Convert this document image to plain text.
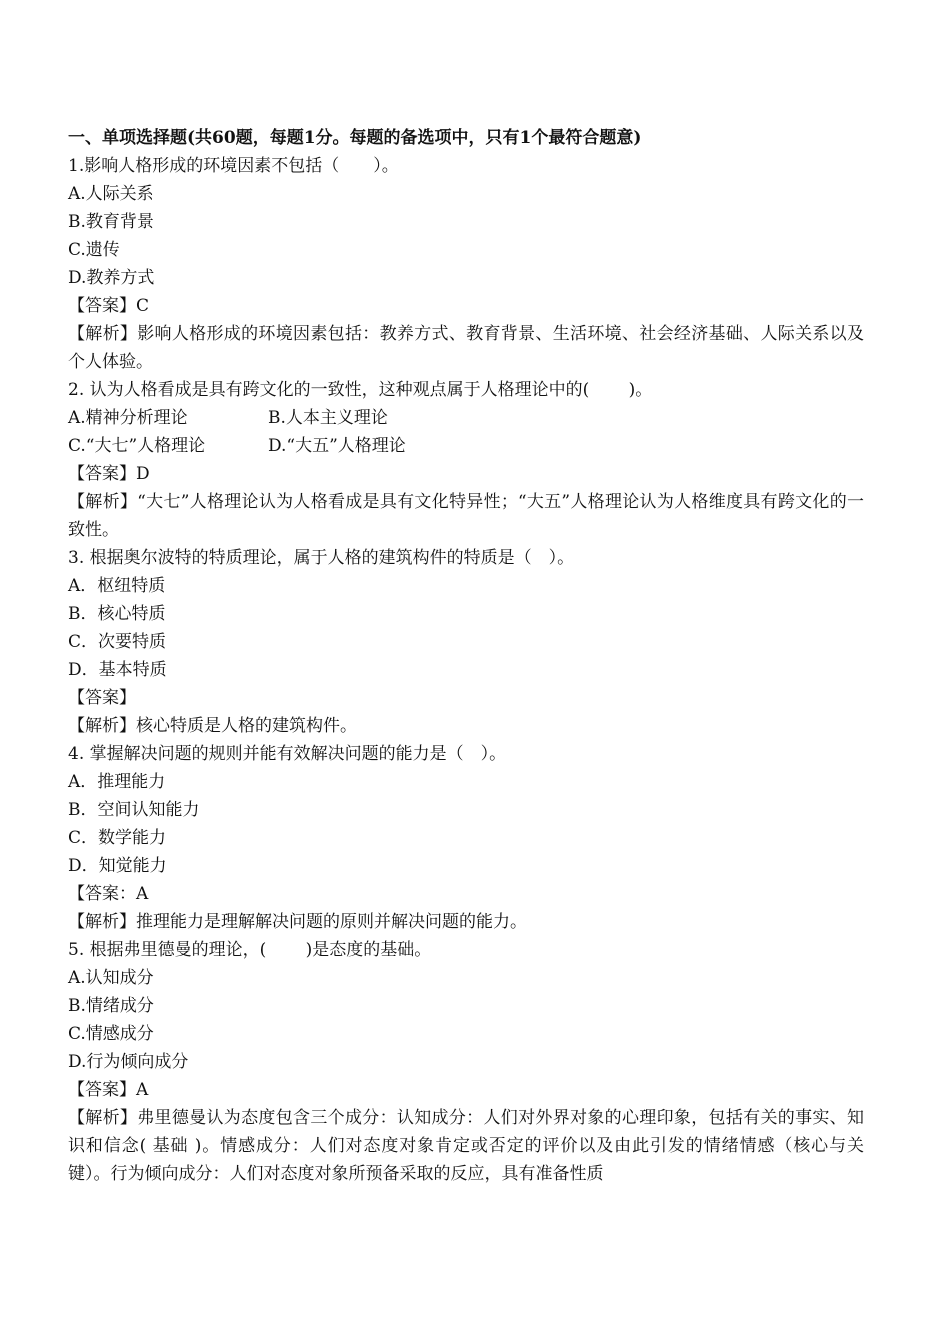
一、单项选择题(共60题，每题1分。每题的备选项中，只有1个最符合题意)
1.影响人格形成的环境因素不包括（　　）。
A.人际关系
B.教育背景
C.遗传
D.教养方式
【答案】C
【解析】影响人格形成的环境因素包括：教养方式、教育背景、生活环境、社会经济基础、人际关系以及个人体验。
2. 认为人格看成是具有跨文化的一致性，这种观点属于人格理论中的(　　 )。
A.精神分析理论	B.人本主义理论
C.“大七”人格理论	D.“大五”人格理论
【答案】D
【解析】“大七”人格理论认为人格看成是具有文化特异性；“大五”人格理论认为人格维度具有跨文化的一致性。
3. 根据奥尔波特的特质理论，属于人格的建筑构件的特质是（　）。
A．枢纽特质
B．核心特质
C．次要特质
D．基本特质
【答案】
【解析】核心特质是人格的建筑构件。
4. 掌握解决问题的规则并能有效解决问题的能力是（　）。
A．推理能力
B．空间认知能力
C．数学能力
D．知觉能力
【答案：A
【解析】推理能力是理解解决问题的原则并解决问题的能力。
5. 根据弗里德曼的理论，(　　 )是态度的基础。
A.认知成分
B.情绪成分
C.情感成分
D.行为倾向成分
【答案】A
【解析】弗里德曼认为态度包含三个成分：认知成分：人们对外界对象的心理印象，包括有关的事实、知识和信念( 基础 )。情感成分：人们对态度对象肯定或否定的评价以及由此引发的情绪情感（核心与关键）。行为倾向成分：人们对态度对象所预备采取的反应，具有准备性质
